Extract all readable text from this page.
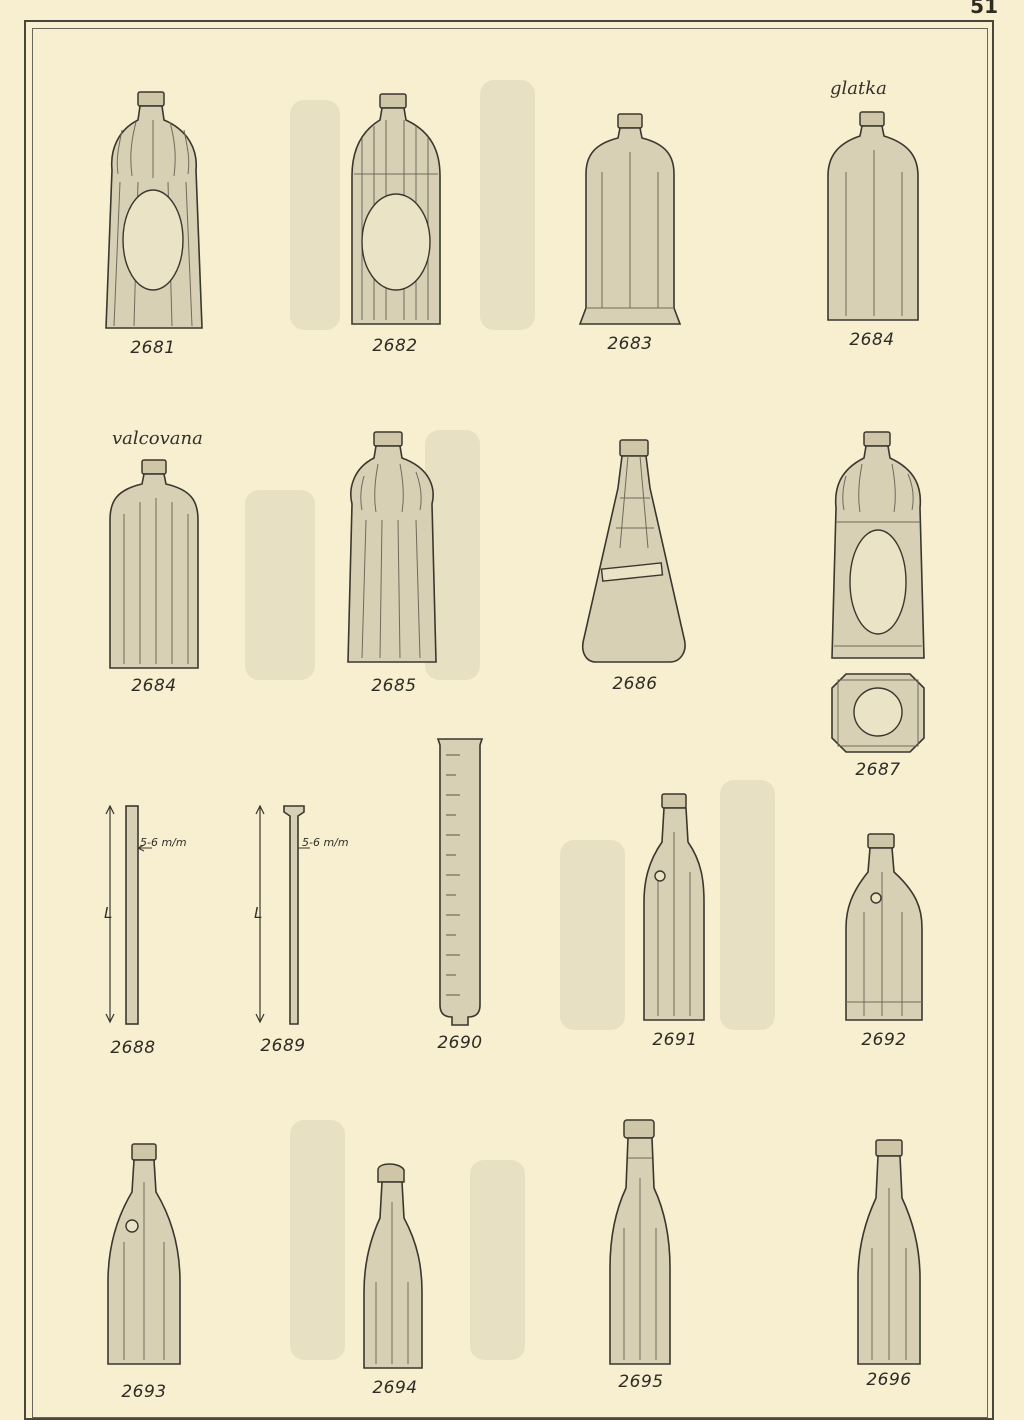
51
2681	2682	2683
glatka
2684
valcovana
2684	2685	2686
2687
5-6 m/m
L
2688
5-6 m/m
L
2689	2690	2691	2692
2693	2694	2695	2696
